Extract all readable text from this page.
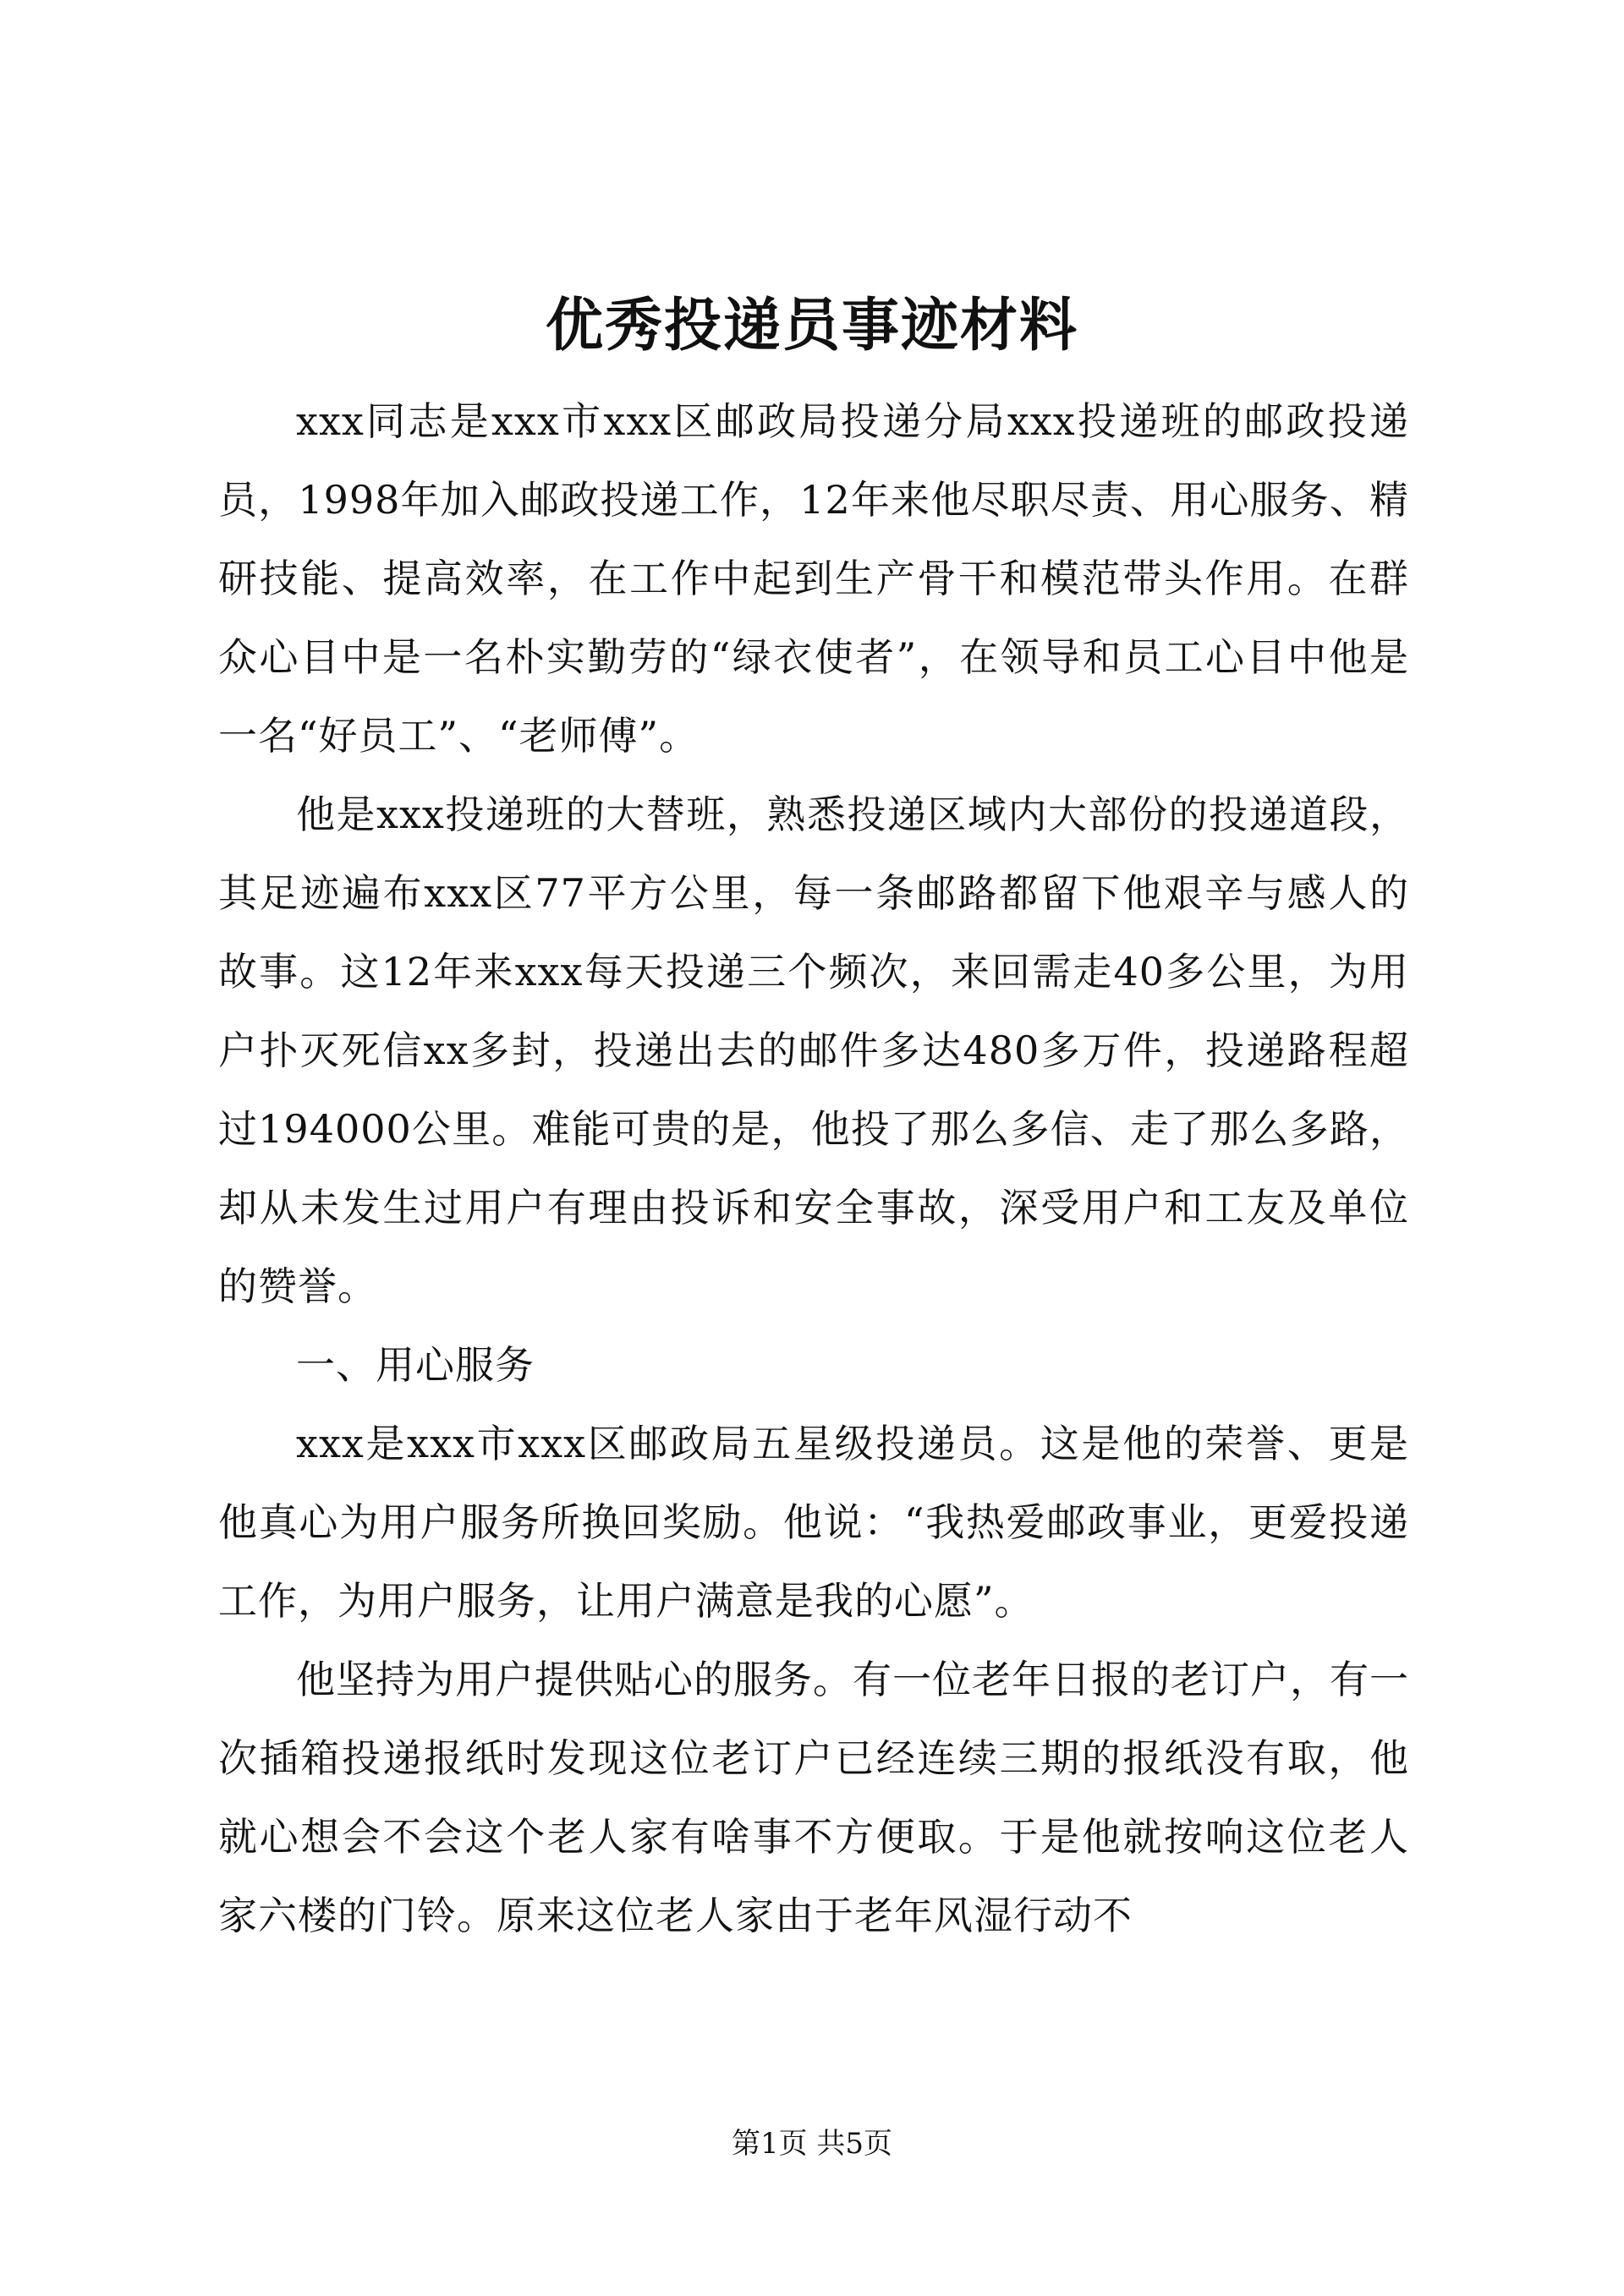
优秀投递员事迹材料

xxx同志是xxx市xxx区邮政局投递分局xxx投递班的邮政投递员，1998年加入邮政投递工作，12年来他尽职尽责、用心服务、精研技能、提高效率，在工作中起到生产骨干和模范带头作用。在群众心目中是一名朴实勤劳的“绿衣使者”，在领导和员工心目中他是一名“好员工”、“老师傅”。

他是xxx投递班的大替班，熟悉投递区域内大部份的投递道段，其足迹遍布xxx区77平方公里，每一条邮路都留下他艰辛与感人的故事。这12年来xxx每天投递三个频次，来回需走40多公里，为用户扑灭死信xx多封，投递出去的邮件多达480多万件，投递路程超过194000公里。难能可贵的是，他投了那么多信、走了那么多路，却从未发生过用户有理由投诉和安全事故，深受用户和工友及单位的赞誉。

一、用心服务

xxx是xxx市xxx区邮政局五星级投递员。这是他的荣誉、更是他真心为用户服务所换回奖励。他说：“我热爱邮政事业，更爱投递工作，为用户服务，让用户满意是我的心愿”。

他坚持为用户提供贴心的服务。有一位老年日报的老订户，有一次插箱投递报纸时发现这位老订户已经连续三期的报纸没有取，他就心想会不会这个老人家有啥事不方便取。于是他就按响这位老人家六楼的门铃。原来这位老人家由于老年风湿行动不

第1页 共5页
